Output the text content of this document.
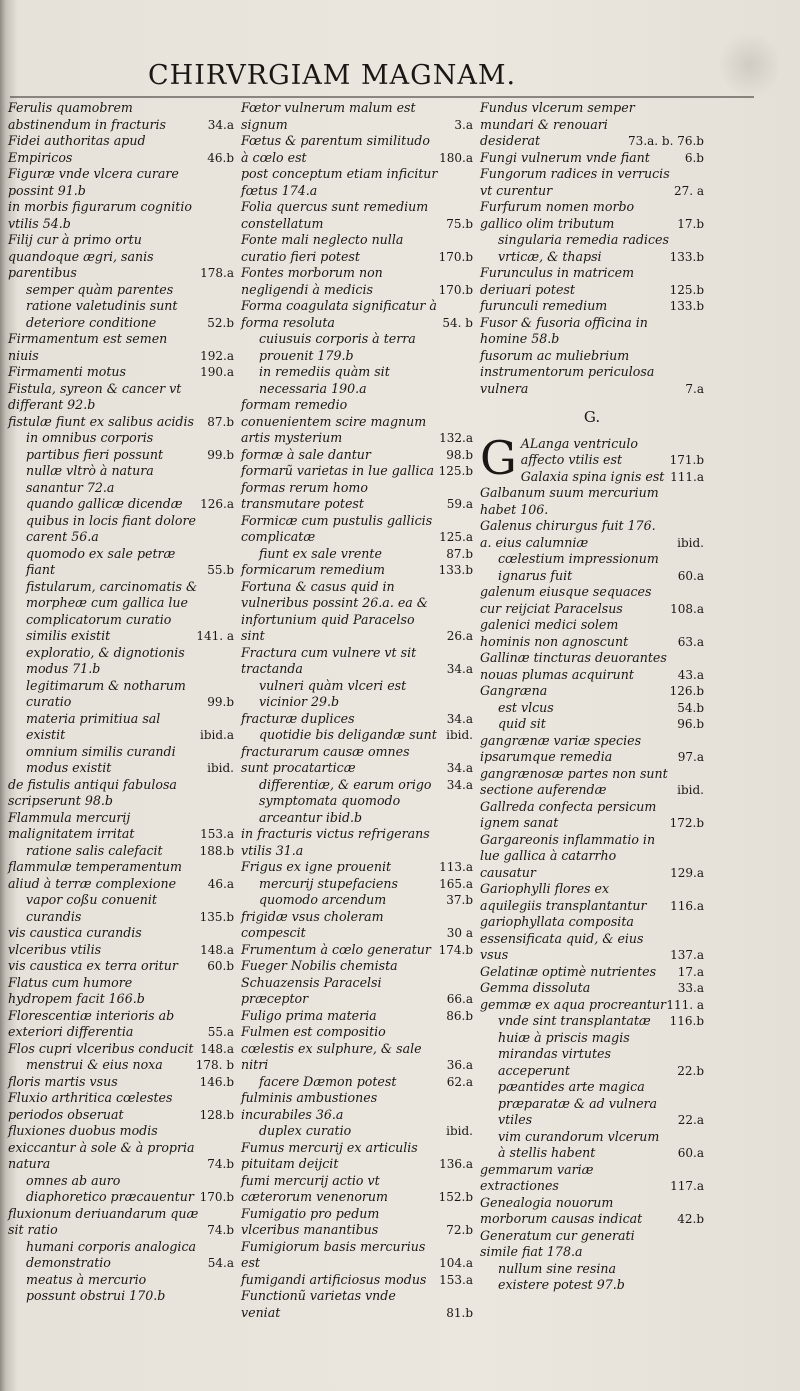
CHIRVRGIAM MAGNAM.
Ferulis quamobrem abstinendum in fracturis	34.a
Fidei authoritas apud Empiricos	46.b
Figuræ vnde vlcera curare possint 91.b
in morbis figurarum cognitio vtilis 54.b
Filij cur à primo ortu quandoque ægri, sanis parentibus	178.a
semper quàm parentes ratione valetudinis sunt deteriore conditione	52.b
Firmamentum est semen niuis	192.a
Firmamenti motus	190.a
Fistula, syreon & cancer vt differant 92.b
fistulæ fiunt ex salibus acidis	87.b
in omnibus corporis partibus fieri possunt	99.b
nullæ vltrò à natura sanantur 72.a
quando gallicæ dicendæ	126.a
quibus in locis fiant dolore carent 56.a
quomodo ex sale petræ fiant	55.b
fistularum, carcinomatis & morpheæ cum gallica lue complicatorum curatio similis existit	141. a
exploratio, & dignotionis modus 71.b
legitimarum & notharum curatio	99.b
materia primitiua sal existit	ibid.a
omnium similis curandi modus existit	ibid.
de fistulis antiqui fabulosa scripserunt 98.b
Flammula mercurij malignitatem irritat	153.a
ratione salis calefacit	188.b
flammulæ temperamentum aliud à terræ complexione	46.a
vapor coßu conuenit curandis	135.b
vis caustica curandis vlceribus vtilis	148.a
vis caustica ex terra oritur	60.b
Flatus cum humore hydropem facit 166.b
Florescentiæ interioris ab exteriori differentia	55.a
Flos cupri vlceribus conducit 148.a
menstrui & eius noxa	178. b
floris martis vsus	146.b
Fluxio arthritica cœlestes periodos obseruat	128.b
fluxiones duobus modis exiccantur à sole & à propria natura	74.b
omnes ab auro diaphoretico præcauentur 170.b
fluxionum deriuandarum quæ sit ratio	74.b
humani corporis analogica demonstratio	54.a
meatus à mercurio possunt obstrui 170.b
Fœtor vulnerum malum est signum	3.a
Fœtus & parentum similitudo à cœlo est	180.a
post conceptum etiam inficitur fœtus 174.a
Folia quercus sunt remedium constellatum	75.b
Fonte mali neglecto nulla curatio fieri potest	170.b
Fontes morborum non negligendi à medicis	170.b
Forma coagulata significatur à forma resoluta	54. b
cuiusuis corporis à terra prouenit 179.b
in remediis quàm sit necessaria 190.a
formam remedio conuenientem scire magnum artis mysterium	132.a
formæ à sale dantur	98.b
formarũ varietas in lue gallica 125.b
formas rerum homo transmutare potest	59.a
Formicæ cum pustulis gallicis complicatæ	125.a
fiunt ex sale vrente	87.b
formicarum remedium	133.b
Fortuna & casus quid in vulneribus possint 26.a. ea & infortunium quid Paracelso sint	26.a
Fractura cum vulnere vt sit tractanda	34.a
vulneri quàm vlceri est vicinior 29.b
fracturæ duplices	34.a
quotidie bis deligandæ sunt ibid.
fracturarum causæ omnes sunt procatarticæ	34.a
differentiæ, & earum origo	34.a
symptomata quomodo arceantur ibid.b
in fracturis victus refrigerans vtilis 31.a
Frigus ex igne prouenit	113.a
mercurij stupefaciens	165.a
quomodo arcendum	37.b
frigidæ vsus choleram compescit	30 a
Frumentum à cœlo generatur 174.b
Fueger Nobilis chemista Schuazensis Paracelsi præceptor	66.a
Fuligo prima materia	86.b
Fulmen est compositio cœlestis ex sulphure, & sale nitri	36.a
facere Dæmon potest	62.a
fulminis ambustiones incurabiles 36.a
duplex curatio	ibid.
Fumus mercurij ex articulis pituitam deijcit	136.a
fumi mercurij actio vt cæterorum venenorum	152.b
Fumigatio pro pedum vlceribus manantibus	72.b
Fumigiorum basis mercurius est	104.a
fumigandi artificiosus modus	153.a
Functionũ varietas vnde veniat	81.b
Fundus vlcerum semper mundari & renouari desiderat	73.a. b. 76.b
Fungi vulnerum vnde fiant	6.b
Fungorum radices in verrucis vt curentur	27. a
Furfurum nomen morbo gallico olim tributum	17.b
singularia remedia radices vrticæ, & thapsi	133.b
Furunculus in matricem deriuari potest	125.b
furunculi remedium	133.b
Fusor & fusoria officina in homine 58.b
fusorum ac muliebrium instrumentorum periculosa vulnera	7.a
G.
G ALanga ventriculo affecto vtilis est	171.b
Galaxia spina ignis est 111.a
Galbanum suum mercurium habet 106.
Galenus chirurgus fuit 176. a. eius calumniæ	ibid.
cœlestium impressionum ignarus fuit	60.a
galenum eiusque sequaces cur reijciat Paracelsus	108.a
galenici medici solem hominis non agnoscunt	63.a
Gallinæ tincturas deuorantes nouas plumas acquirunt	43.a
Gangræna	126.b
est vlcus	54.b
quid sit	96.b
gangrænæ variæ species ipsarumque remedia	97.a
gangrænosæ partes non sunt sectione auferendæ	ibid.
Gallreda confecta persicum ignem sanat	172.b
Gargareonis inflammatio in lue gallica à catarrho causatur	129.a
Gariophylli flores ex aquilegiis transplantantur	116.a
gariophyllata composita essensificata quid, & eius vsus	137.a
Gelatinæ optimè nutrientes	17.a
Gemma dissoluta	33.a
gemmæ ex aqua procreantur 111. a
vnde sint transplantatæ	116.b
huiæ à priscis magis mirandas virtutes acceperunt	22.b
pæantides arte magica præparatæ & ad vulnera vtiles	22.a
vim curandorum vlcerum à stellis habent	60.a
gemmarum variæ extractiones	117.a
Genealogia nouorum morborum causas indicat	42.b
Generatum cur generati simile fiat 178.a
nullum sine resina existere potest 97.b
